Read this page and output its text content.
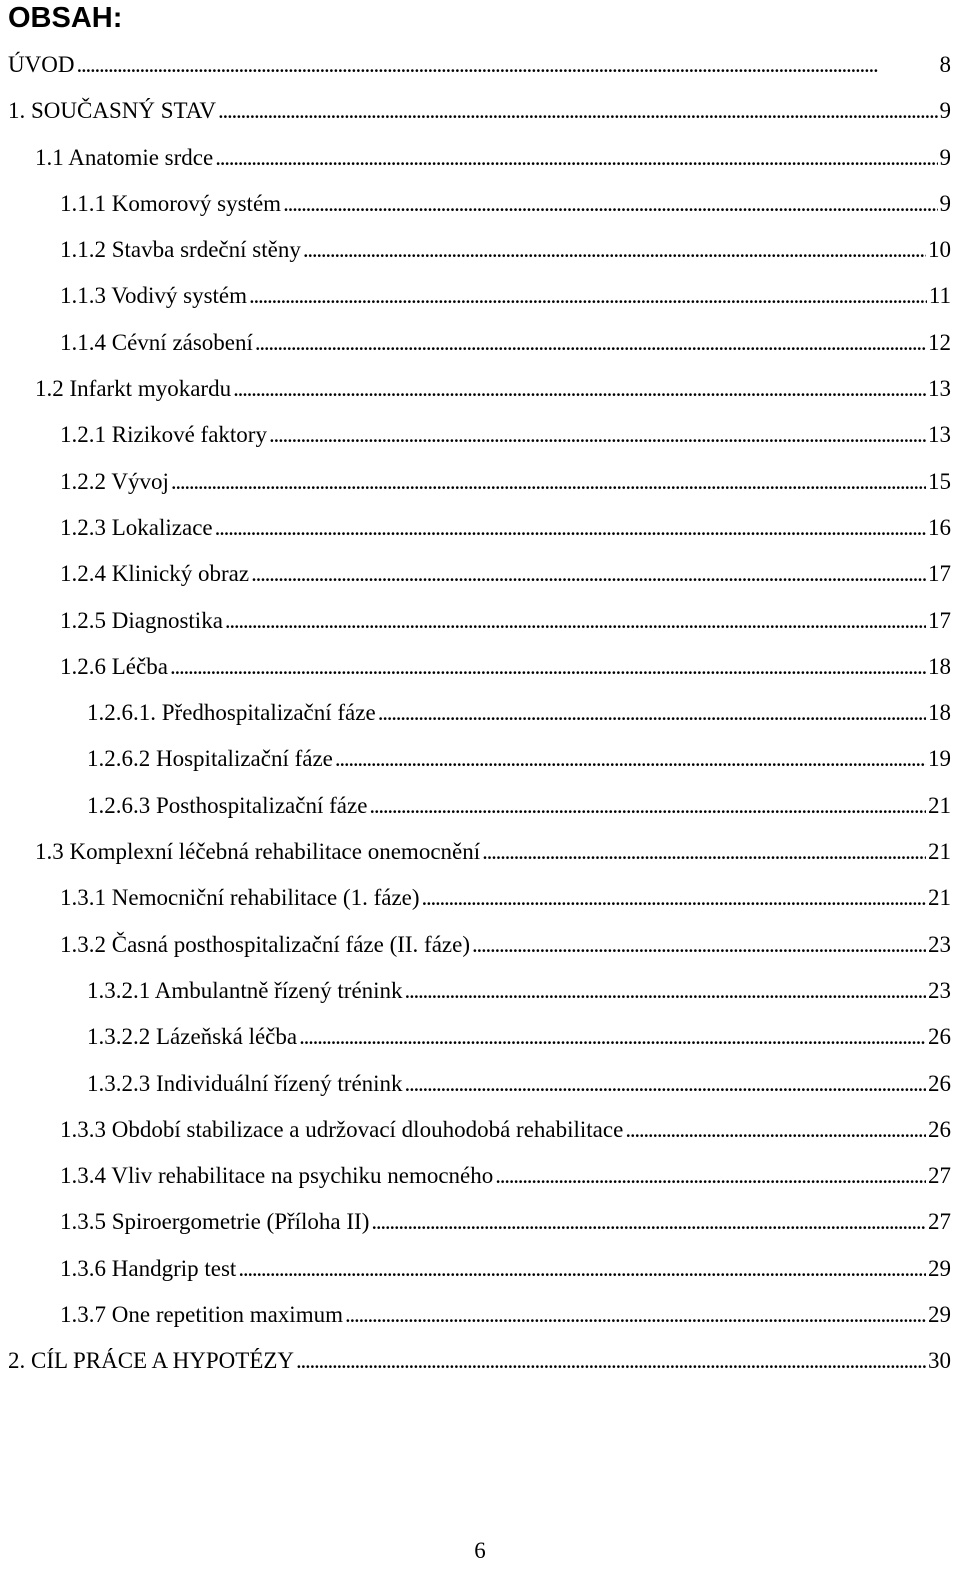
OBSAH:
ÚVOD . . .	8
1. SOUČASNÝ STAV . . .	9
1.1 Anatomie srdce . . .	9
1.1.1 Komorový systém . . .	9
1.1.2 Stavba srdeční stěny . . .	10
1.1.3 Vodivý systém . . .	11
1.1.4 Cévní zásobení . . .	12
1.2 Infarkt myokardu . . .	13
1.2.1 Rizikové faktory . . .	13
1.2.2 Vývoj . . .	15
1.2.3 Lokalizace . . .	16
1.2.4 Klinický obraz . . .	17
1.2.5 Diagnostika . . .	17
1.2.6 Léčba . . .	18
1.2.6.1. Předhospitalizační fáze . . .	18
1.2.6.2 Hospitalizační fáze . . .	19
1.2.6.3 Posthospitalizační fáze . . .	21
1.3 Komplexní léčebná rehabilitace onemocnění . . .	21
1.3.1 Nemocniční rehabilitace (1. fáze) . . .	21
1.3.2 Časná posthospitalizační fáze (II. fáze) . . .	23
1.3.2.1 Ambulantně řízený trénink . . .	23
1.3.2.2 Lázeňská léčba . . .	26
1.3.2.3 Individuální řízený trénink . . .	26
1.3.3 Období stabilizace a udržovací dlouhodobá rehabilitace . . .	26
1.3.4 Vliv rehabilitace na psychiku nemocného . . .	27
1.3.5 Spiroergometrie (Příloha II) . . .	27
1.3.6 Handgrip test . . .	29
1.3.7 One repetition maximum . . .	29
2. CÍL PRÁCE A HYPOTÉZY . . .	30
6
